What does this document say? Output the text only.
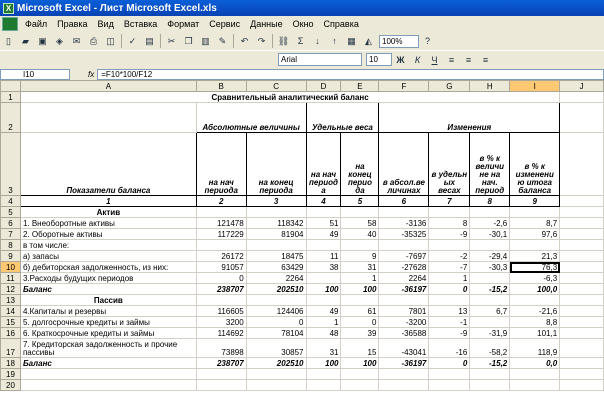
X Microsoft Excel - Лист Microsoft Excel.xls
Файл	Правка	Вид	Вставка	Формат	Сервис	Данные	Окно	Справка
▯	▰	▣	◈	✉	⎙	◫	✓ ▤	✂	❐ ▥ ✎	↶	↷	⛓ Σ	↓	↑	▦	◭	100%	?
Arial	10	Ж К Ч	≡	≡	≡
I10	fx =F10*100/F12
	A	B	C	D	E	F	G	H	I	J
1	Сравнительный аналитический баланс									
2		Абсолютные величины		Удельные веса		Изменения				
3	Показатели баланса	на нач периода	на конец периода	на нач период а	на конец перио да	в абсол.ве личинах	в удельн ых весах	в % к величи не на нач. период	в % к изменени ю итога баланса	
4	1	2	3	4	5	6	7	8	9	
5	Актив									
6	1. Внеоборотные активы	121478	118342	51	58	-3136	8	-2,6	8,7	
7	2. Оборотные активы	117229	81904	49	40	-35325	-9	-30,1	97,6	
8	в том числе:									
9	а) запасы	26172	18475	11	9	-7697	-2	-29,4	21,3	
10	б) дебиторская задолженность, из них:	91057	63429	38	31	-27628	-7	-30,3	76,3	
11	3.Расходы будущих периодов	0	2264		1	2264	1		-6,3	
12	Баланс	238707	202510	100	100	-36197	0	-15,2	100,0	
13	Пассив									
14	4.Капиталы и резервы	116605	124406	49	61	7801	13	6,7	-21,6	
15	5. долгосрочные кредиты и займы	3200	0	1	0	-3200	-1		8,8	
16	6. Краткосрочные кредиты и займы	114692	78104	48	39	-36588	-9	-31,9	101,1	
17	7. Кредиторская задолженность и прочие пассивы	73898	30857	31	15	-43041	-16	-58,2	118,9	
18	Баланс	238707	202510	100	100	-36197	0	-15,2	0,0	
19										
20										
